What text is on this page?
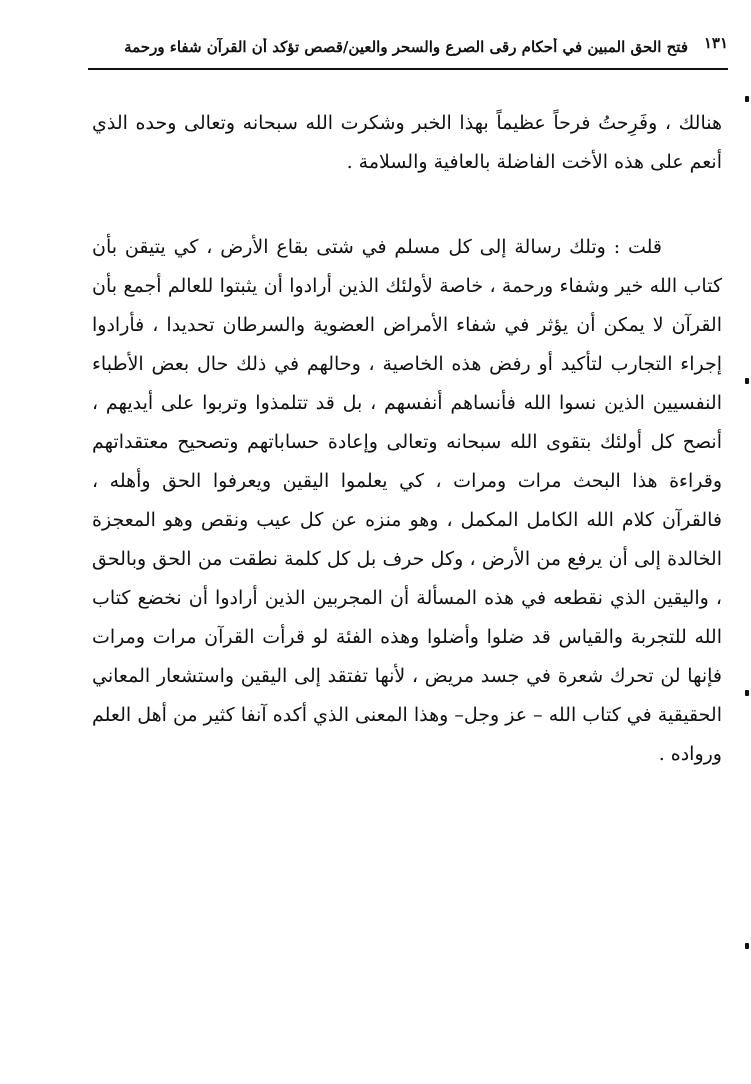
١٣١
فتح الحق المبين في أحكام رقى الصرع والسحر والعين/قصص تؤكد أن القرآن شفاء ورحمة
هنالك ، وفَرِحتُ فرحاً عظيماً بهذا الخبر وشكرت الله سبحانه وتعالى وحده الذي أنعم على هذه الأخت الفاضلة بالعافية والسلامة .
قلت : وتلك رسالة إلى كل مسلم في شتى بقاع الأرض ، كي يتيقن بأن كتاب الله خير وشفاء ورحمة ، خاصة لأولئك الذين أرادوا أن يثبتوا للعالم أجمع بأن القرآن لا يمكن أن يؤثر في شفاء الأمراض العضوية والسرطان تحديدا ، فأرادوا إجراء التجارب لتأكيد أو رفض هذه الخاصية ، وحالهم في ذلك حال بعض الأطباء النفسيين الذين نسوا الله فأنساهم أنفسهم ، بل قد تتلمذوا وتربوا على أيديهم ، أنصح كل أولئك بتقوى الله سبحانه وتعالى وإعادة حساباتهم وتصحيح معتقداتهم وقراءة هذا البحث مرات ومرات ، كي يعلموا اليقين ويعرفوا الحق وأهله ، فالقرآن كلام الله الكامل المكمل ، وهو منزه عن كل عيب ونقص وهو المعجزة الخالدة إلى أن يرفع من الأرض ، وكل حرف بل كل كلمة نطقت من الحق وبالحق ، واليقين الذي نقطعه في هذه المسألة أن المجربين الذين أرادوا أن نخضع كتاب الله للتجربة والقياس قد ضلوا وأضلوا وهذه الفئة لو قرأت القرآن مرات ومرات فإنها لن تحرك شعرة في جسد مريض ، لأنها تفتقد إلى اليقين واستشعار المعاني الحقيقية في كتاب الله – عز وجل– وهذا المعنى الذي أكده آنفا كثير من أهل العلم ورواده .
